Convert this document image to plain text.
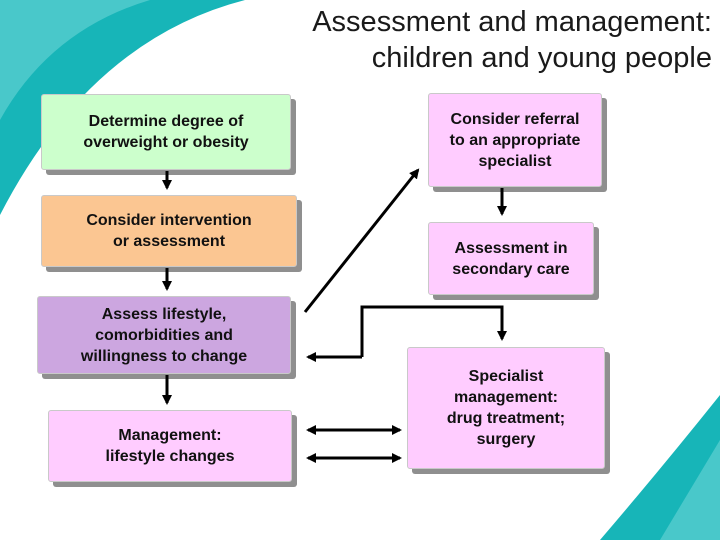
Assessment and management:
children and young people
Determine degree of
overweight or obesity
Consider intervention
or assessment
Assess lifestyle,
comorbidities and
willingness to change
Management:
lifestyle changes
Consider referral
to an appropriate
specialist
Assessment in
secondary care
Specialist
management:
drug treatment;
surgery
